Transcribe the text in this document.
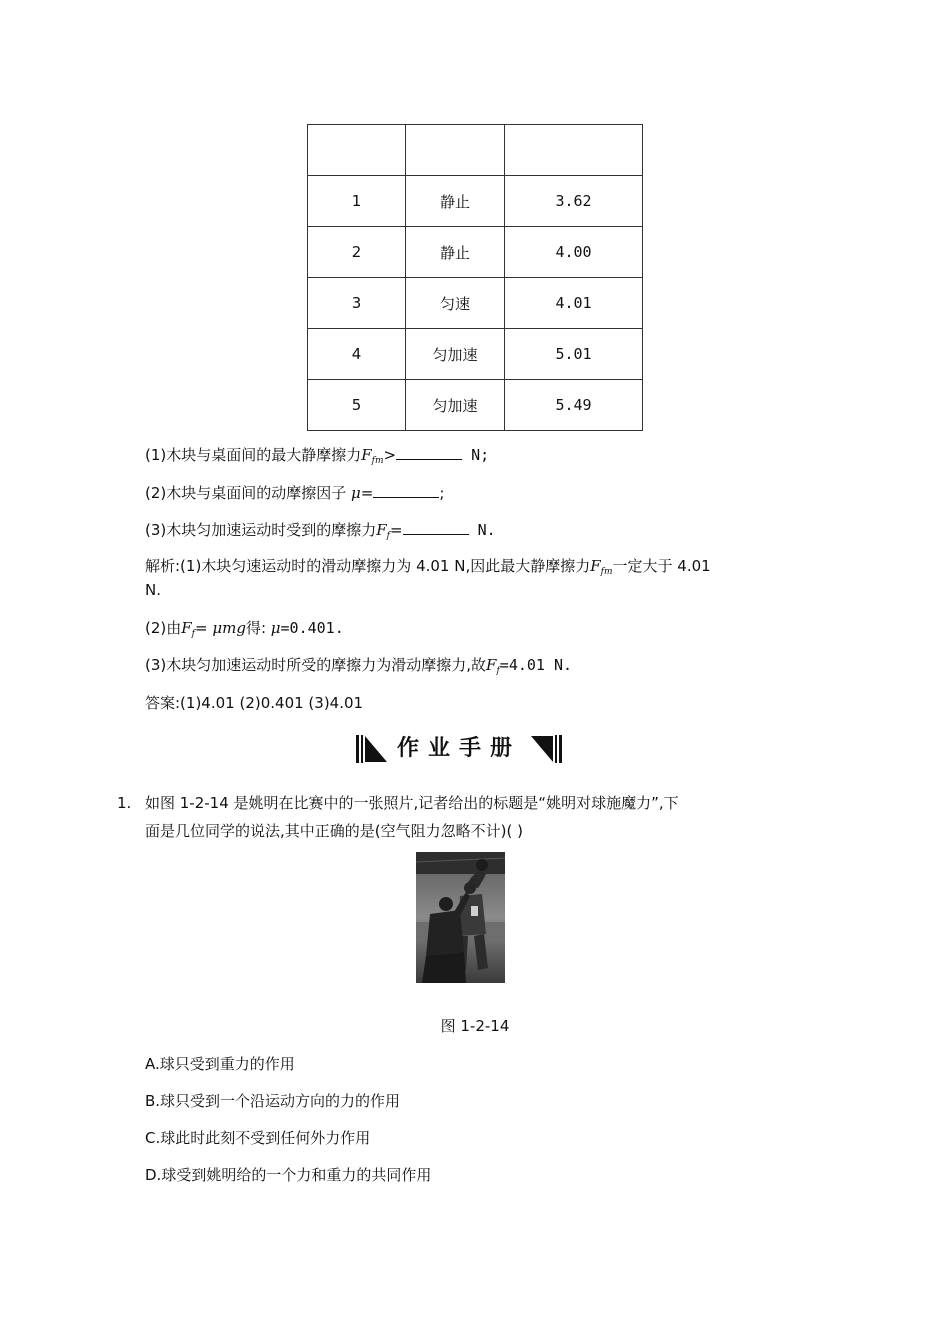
1	静止	3.62
2	静止	4.00
3	匀速	4.01
4	匀加速	5.01
5	匀加速	5.49
(1)木块与桌面间的最大静摩擦力$F_{fm}>$	N;
(2)木块与桌面间的动摩擦因子 μ=	;
(3)木块匀加速运动时受到的摩擦力$F_f=$	N.
解析:(1)木块匀速运动时的滑动摩擦力为 4.01 N,因此最大静摩擦力$F_{fm}$一定大于 4.01
N.
(2)由$F_f= \mu mg$得: μ=0.401.
(3)木块匀加速运动时所受的摩擦力为滑动摩擦力,故$F_f=4.01$ N.
答案:(1)4.01 (2)0.401 (3)4.01
作业手册
1. 如图 1-2-14 是姚明在比赛中的一张照片,记者给出的标题是“姚明对球施魔力”,下
面是几位同学的说法,其中正确的是(空气阻力忽略不计)( )
图 1-2-14
A.球只受到重力的作用
B.球只受到一个沿运动方向的力的作用
C.球此时此刻不受到任何外力作用
D.球受到姚明给的一个力和重力的共同作用
